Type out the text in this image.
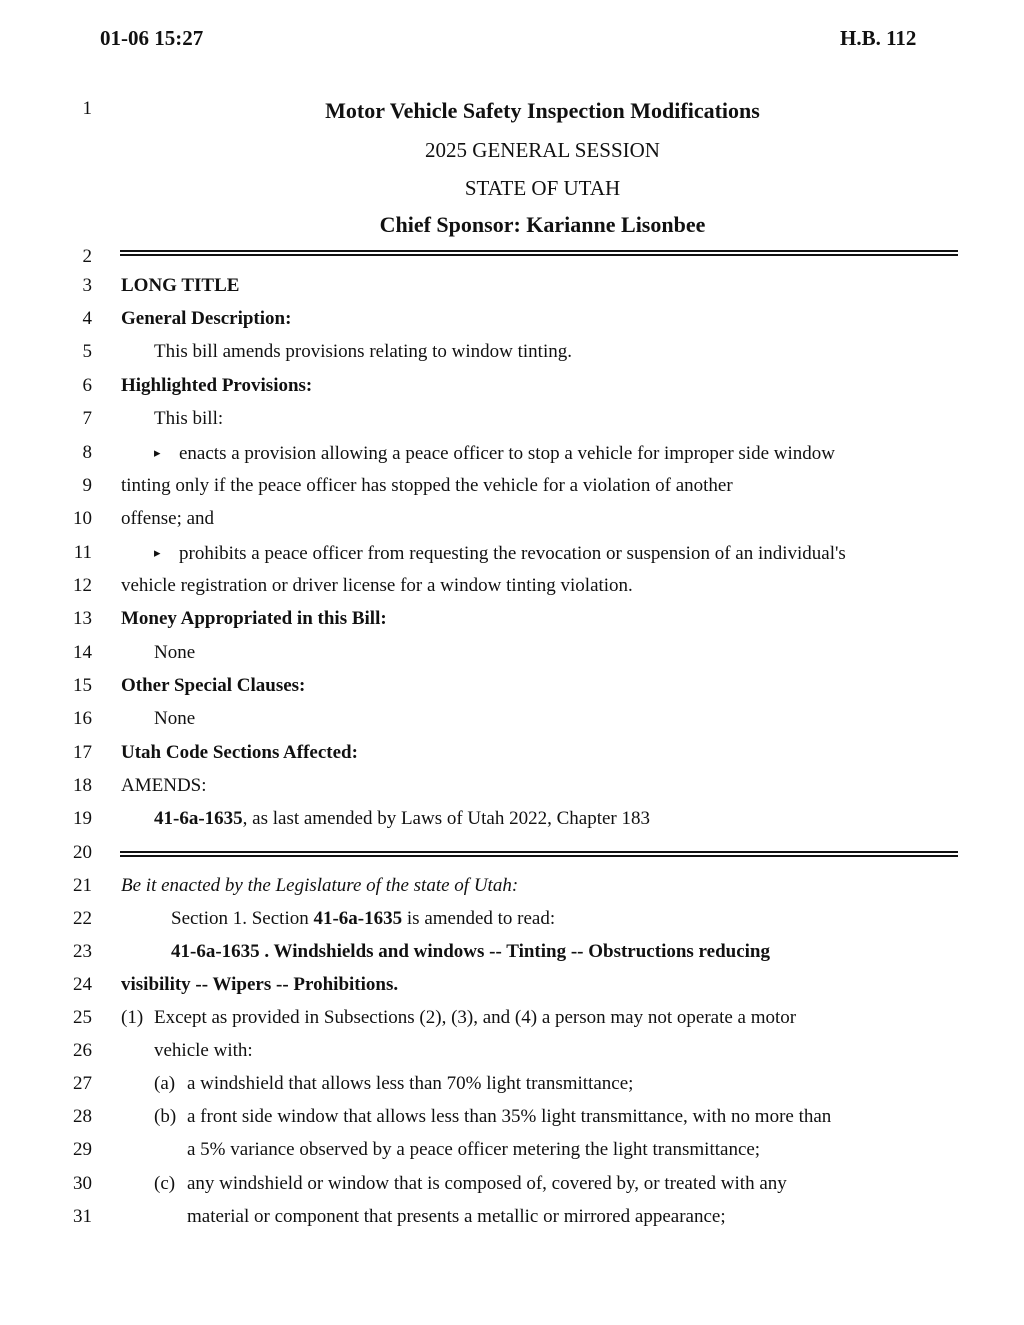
01-06 15:27	H.B. 112
1
2
3
4
5
6
7
8
9
10
11
12
13
14
15
16
17
18
19
20
21
22
23
24
25
26
27
28
29
30
31
Motor Vehicle Safety Inspection Modifications
2025 GENERAL SESSION
STATE OF UTAH
Chief Sponsor: Karianne Lisonbee
LONG TITLE
General Description:
This bill amends provisions relating to window tinting.
Highlighted Provisions:
This bill:
▸ enacts a provision allowing a peace officer to stop a vehicle for improper side window
tinting only if the peace officer has stopped the vehicle for a violation of another
offense; and
▸ prohibits a peace officer from requesting the revocation or suspension of an individual's
vehicle registration or driver license for a window tinting violation.
Money Appropriated in this Bill:
None
Other Special Clauses:
None
Utah Code Sections Affected:
AMENDS:
41-6a-1635, as last amended by Laws of Utah 2022, Chapter 183
Be it enacted by the Legislature of the state of Utah:
Section 1. Section 41-6a-1635 is amended to read:
41-6a-1635 . Windshields and windows -- Tinting -- Obstructions reducing
visibility -- Wipers -- Prohibitions.
(1) Except as provided in Subsections (2), (3), and (4) a person may not operate a motor
vehicle with:
(a) a windshield that allows less than 70% light transmittance;
(b) a front side window that allows less than 35% light transmittance, with no more than
a 5% variance observed by a peace officer metering the light transmittance;
(c) any windshield or window that is composed of, covered by, or treated with any
material or component that presents a metallic or mirrored appearance;
